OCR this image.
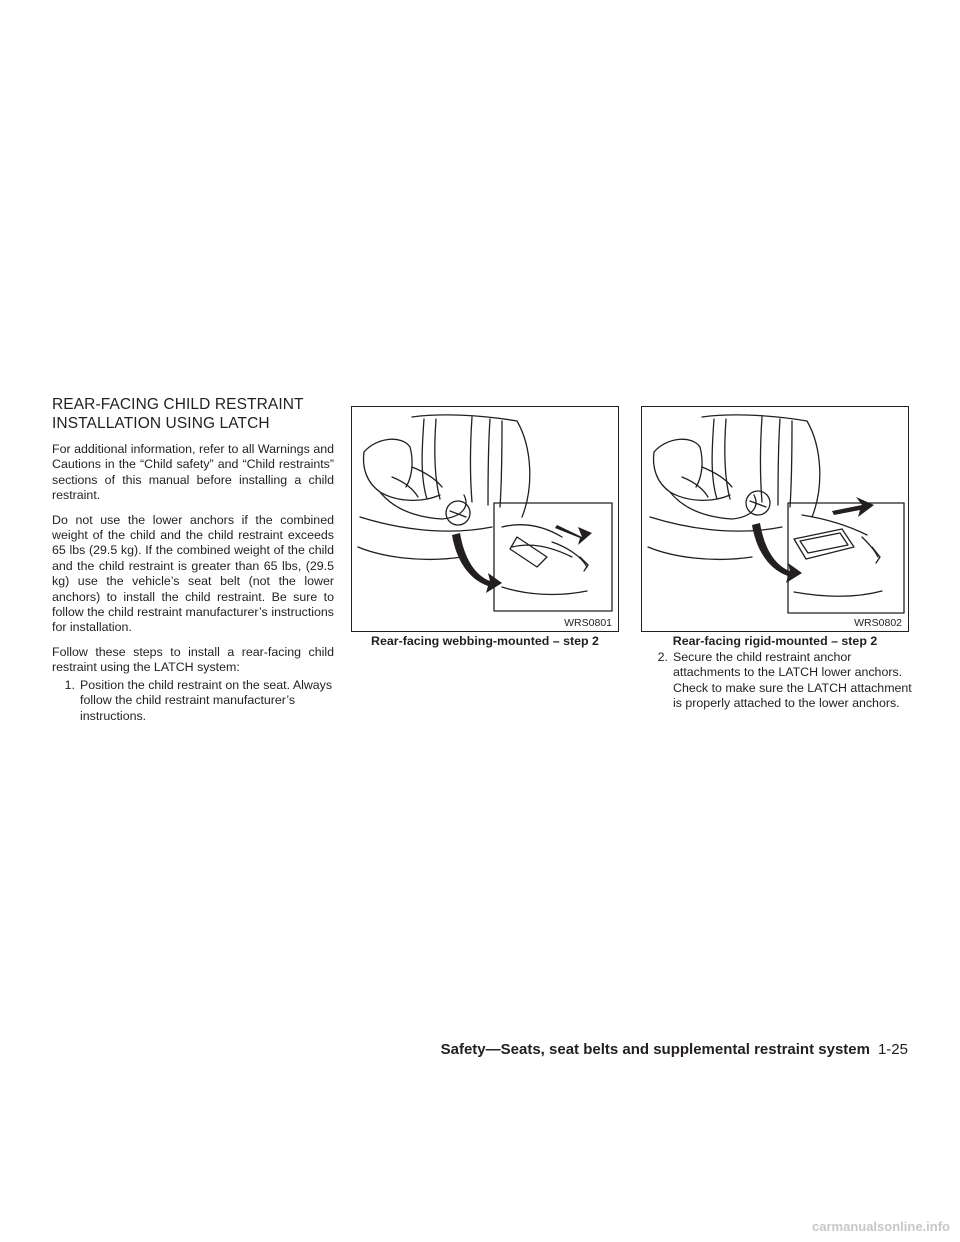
REAR-FACING CHILD RESTRAINT
INSTALLATION USING LATCH

For additional information, refer to all Warnings and Cautions in the “Child safety” and “Child restraints” sections of this manual before installing a child restraint.

Do not use the lower anchors if the combined weight of the child and the child restraint exceeds 65 lbs (29.5 kg). If the combined weight of the child and the child restraint is greater than 65 lbs, (29.5 kg) use the vehicle’s seat belt (not the lower anchors) to install the child restraint. Be sure to follow the child restraint manufacturer’s instructions for installation.

Follow these steps to install a rear-facing child restraint using the LATCH system:

1. Position the child restraint on the seat. Always follow the child restraint manufacturer’s instructions.
WRS0801
Rear-facing webbing-mounted – step 2
WRS0802
Rear-facing rigid-mounted – step 2
2. Secure the child restraint anchor attachments to the LATCH lower anchors. Check to make sure the LATCH attachment is properly attached to the lower anchors.
Safety—Seats, seat belts and supplemental restraint system 1-25
carmanualsonline.info
